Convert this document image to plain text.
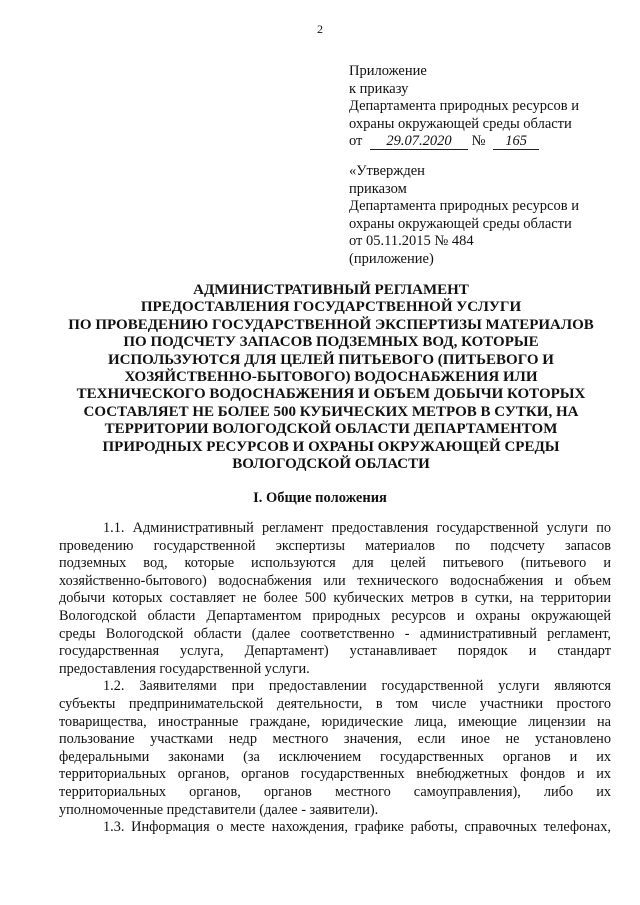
2
Приложение
к приказу
Департамента природных ресурсов и
охраны окружающей среды области
от 29.07.2020 № 165
«Утвержден
приказом
Департамента природных ресурсов и
охраны окружающей среды области
от 05.11.2015 № 484
(приложение)
АДМИНИСТРАТИВНЫЙ РЕГЛАМЕНТ
ПРЕДОСТАВЛЕНИЯ ГОСУДАРСТВЕННОЙ УСЛУГИ
ПО ПРОВЕДЕНИЮ ГОСУДАРСТВЕННОЙ ЭКСПЕРТИЗЫ МАТЕРИАЛОВ
ПО ПОДСЧЕТУ ЗАПАСОВ ПОДЗЕМНЫХ ВОД, КОТОРЫЕ
ИСПОЛЬЗУЮТСЯ ДЛЯ ЦЕЛЕЙ ПИТЬЕВОГО (ПИТЬЕВОГО И
ХОЗЯЙСТВЕННО-БЫТОВОГО) ВОДОСНАБЖЕНИЯ ИЛИ
ТЕХНИЧЕСКОГО ВОДОСНАБЖЕНИЯ И ОБЪЕМ ДОБЫЧИ КОТОРЫХ
СОСТАВЛЯЕТ НЕ БОЛЕЕ 500 КУБИЧЕСКИХ МЕТРОВ В СУТКИ, НА
ТЕРРИТОРИИ ВОЛОГОДСКОЙ ОБЛАСТИ ДЕПАРТАМЕНТОМ
ПРИРОДНЫХ РЕСУРСОВ И ОХРАНЫ ОКРУЖАЮЩЕЙ СРЕДЫ
ВОЛОГОДСКОЙ ОБЛАСТИ
I. Общие положения
1.1. Административный регламент предоставления государственной услуги по
проведению государственной экспертизы материалов по подсчету запасов
подземных вод, которые используются для целей питьевого (питьевого и
хозяйственно-бытового) водоснабжения или технического водоснабжения и объем
добычи которых составляет не более 500 кубических метров в сутки, на территории
Вологодской области Департаментом природных ресурсов и охраны окружающей
среды Вологодской области (далее соответственно - административный регламент,
государственная услуга, Департамент) устанавливает порядок и стандарт
предоставления государственной услуги.
1.2. Заявителями при предоставлении государственной услуги являются
субъекты предпринимательской деятельности, в том числе участники простого
товарищества, иностранные граждане, юридические лица, имеющие лицензии на
пользование участками недр местного значения, если иное не установлено
федеральными законами (за исключением государственных органов и их
территориальных органов, органов государственных внебюджетных фондов и их
территориальных органов, органов местного самоуправления), либо их
уполномоченные представители (далее - заявители).
1.3. Информация о месте нахождения, графике работы, справочных телефонах,
